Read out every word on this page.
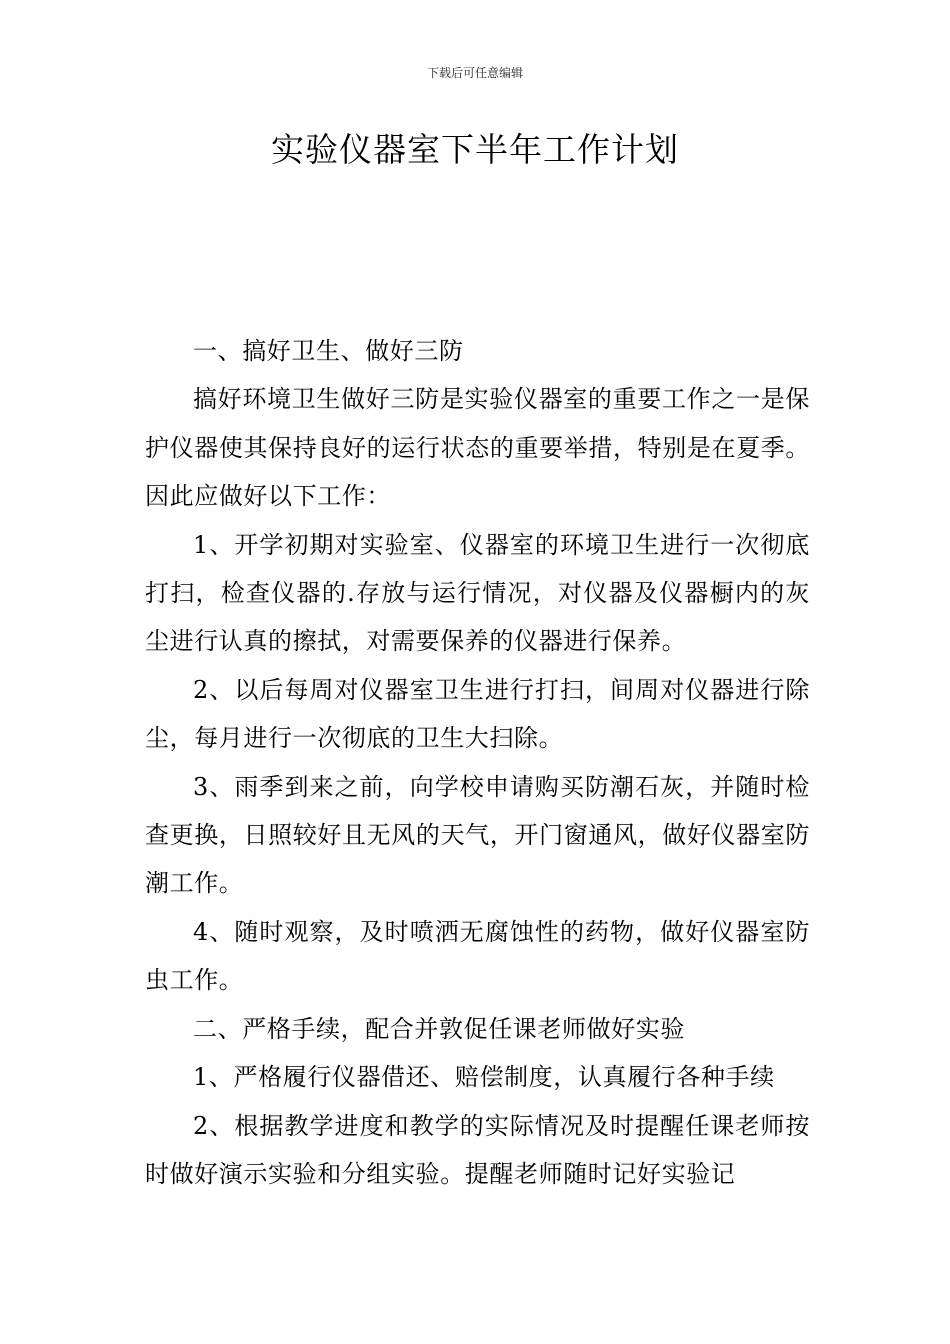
下载后可任意编辑
实验仪器室下半年工作计划

一、搞好卫生、做好三防

搞好环境卫生做好三防是实验仪器室的重要工作之一是保护仪器使其保持良好的运行状态的重要举措，特别是在夏季。因此应做好以下工作：

1、开学初期对实验室、仪器室的环境卫生进行一次彻底打扫，检查仪器的.存放与运行情况，对仪器及仪器橱内的灰尘进行认真的擦拭，对需要保养的仪器进行保养。

2、以后每周对仪器室卫生进行打扫，间周对仪器进行除尘，每月进行一次彻底的卫生大扫除。

3、雨季到来之前，向学校申请购买防潮石灰，并随时检查更换，日照较好且无风的天气，开门窗通风，做好仪器室防潮工作。

4、随时观察，及时喷洒无腐蚀性的药物，做好仪器室防虫工作。

二、严格手续，配合并敦促任课老师做好实验

1、严格履行仪器借还、赔偿制度，认真履行各种手续

2、根据教学进度和教学的实际情况及时提醒任课老师按时做好演示实验和分组实验。提醒老师随时记好实验记
